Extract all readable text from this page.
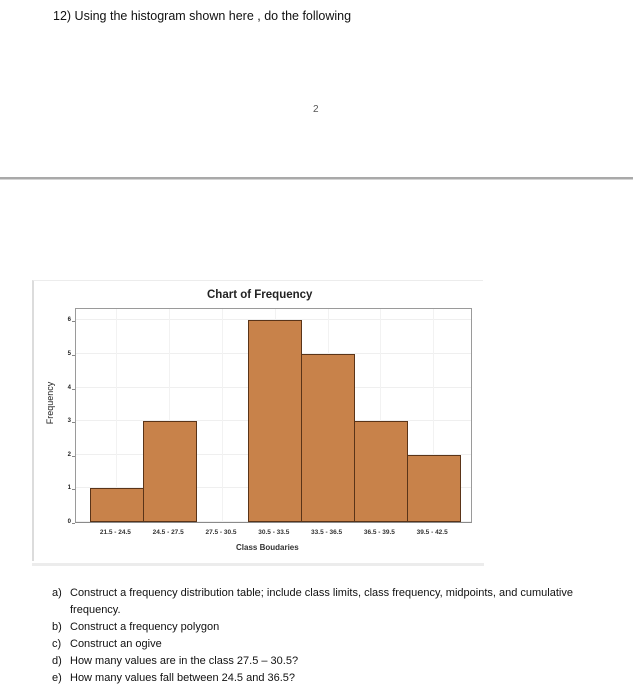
12) Using the histogram shown here , do the following
2
Chart of Frequency
0
1
2
3
4
5
6
Frequency
21.5 - 24.5	24.5 - 27.5	27.5 - 30.5	30.5 - 33.5	33.5 - 36.5	36.5 - 39.5	39.5 - 42.5
Class Boudaries
a) Construct a frequency distribution table; include class limits, class frequency, midpoints, and cumulative frequency.
b) Construct a frequency polygon
c) Construct an ogive
d) How many values are in the class 27.5 – 30.5?
e) How many values fall between 24.5 and 36.5?
